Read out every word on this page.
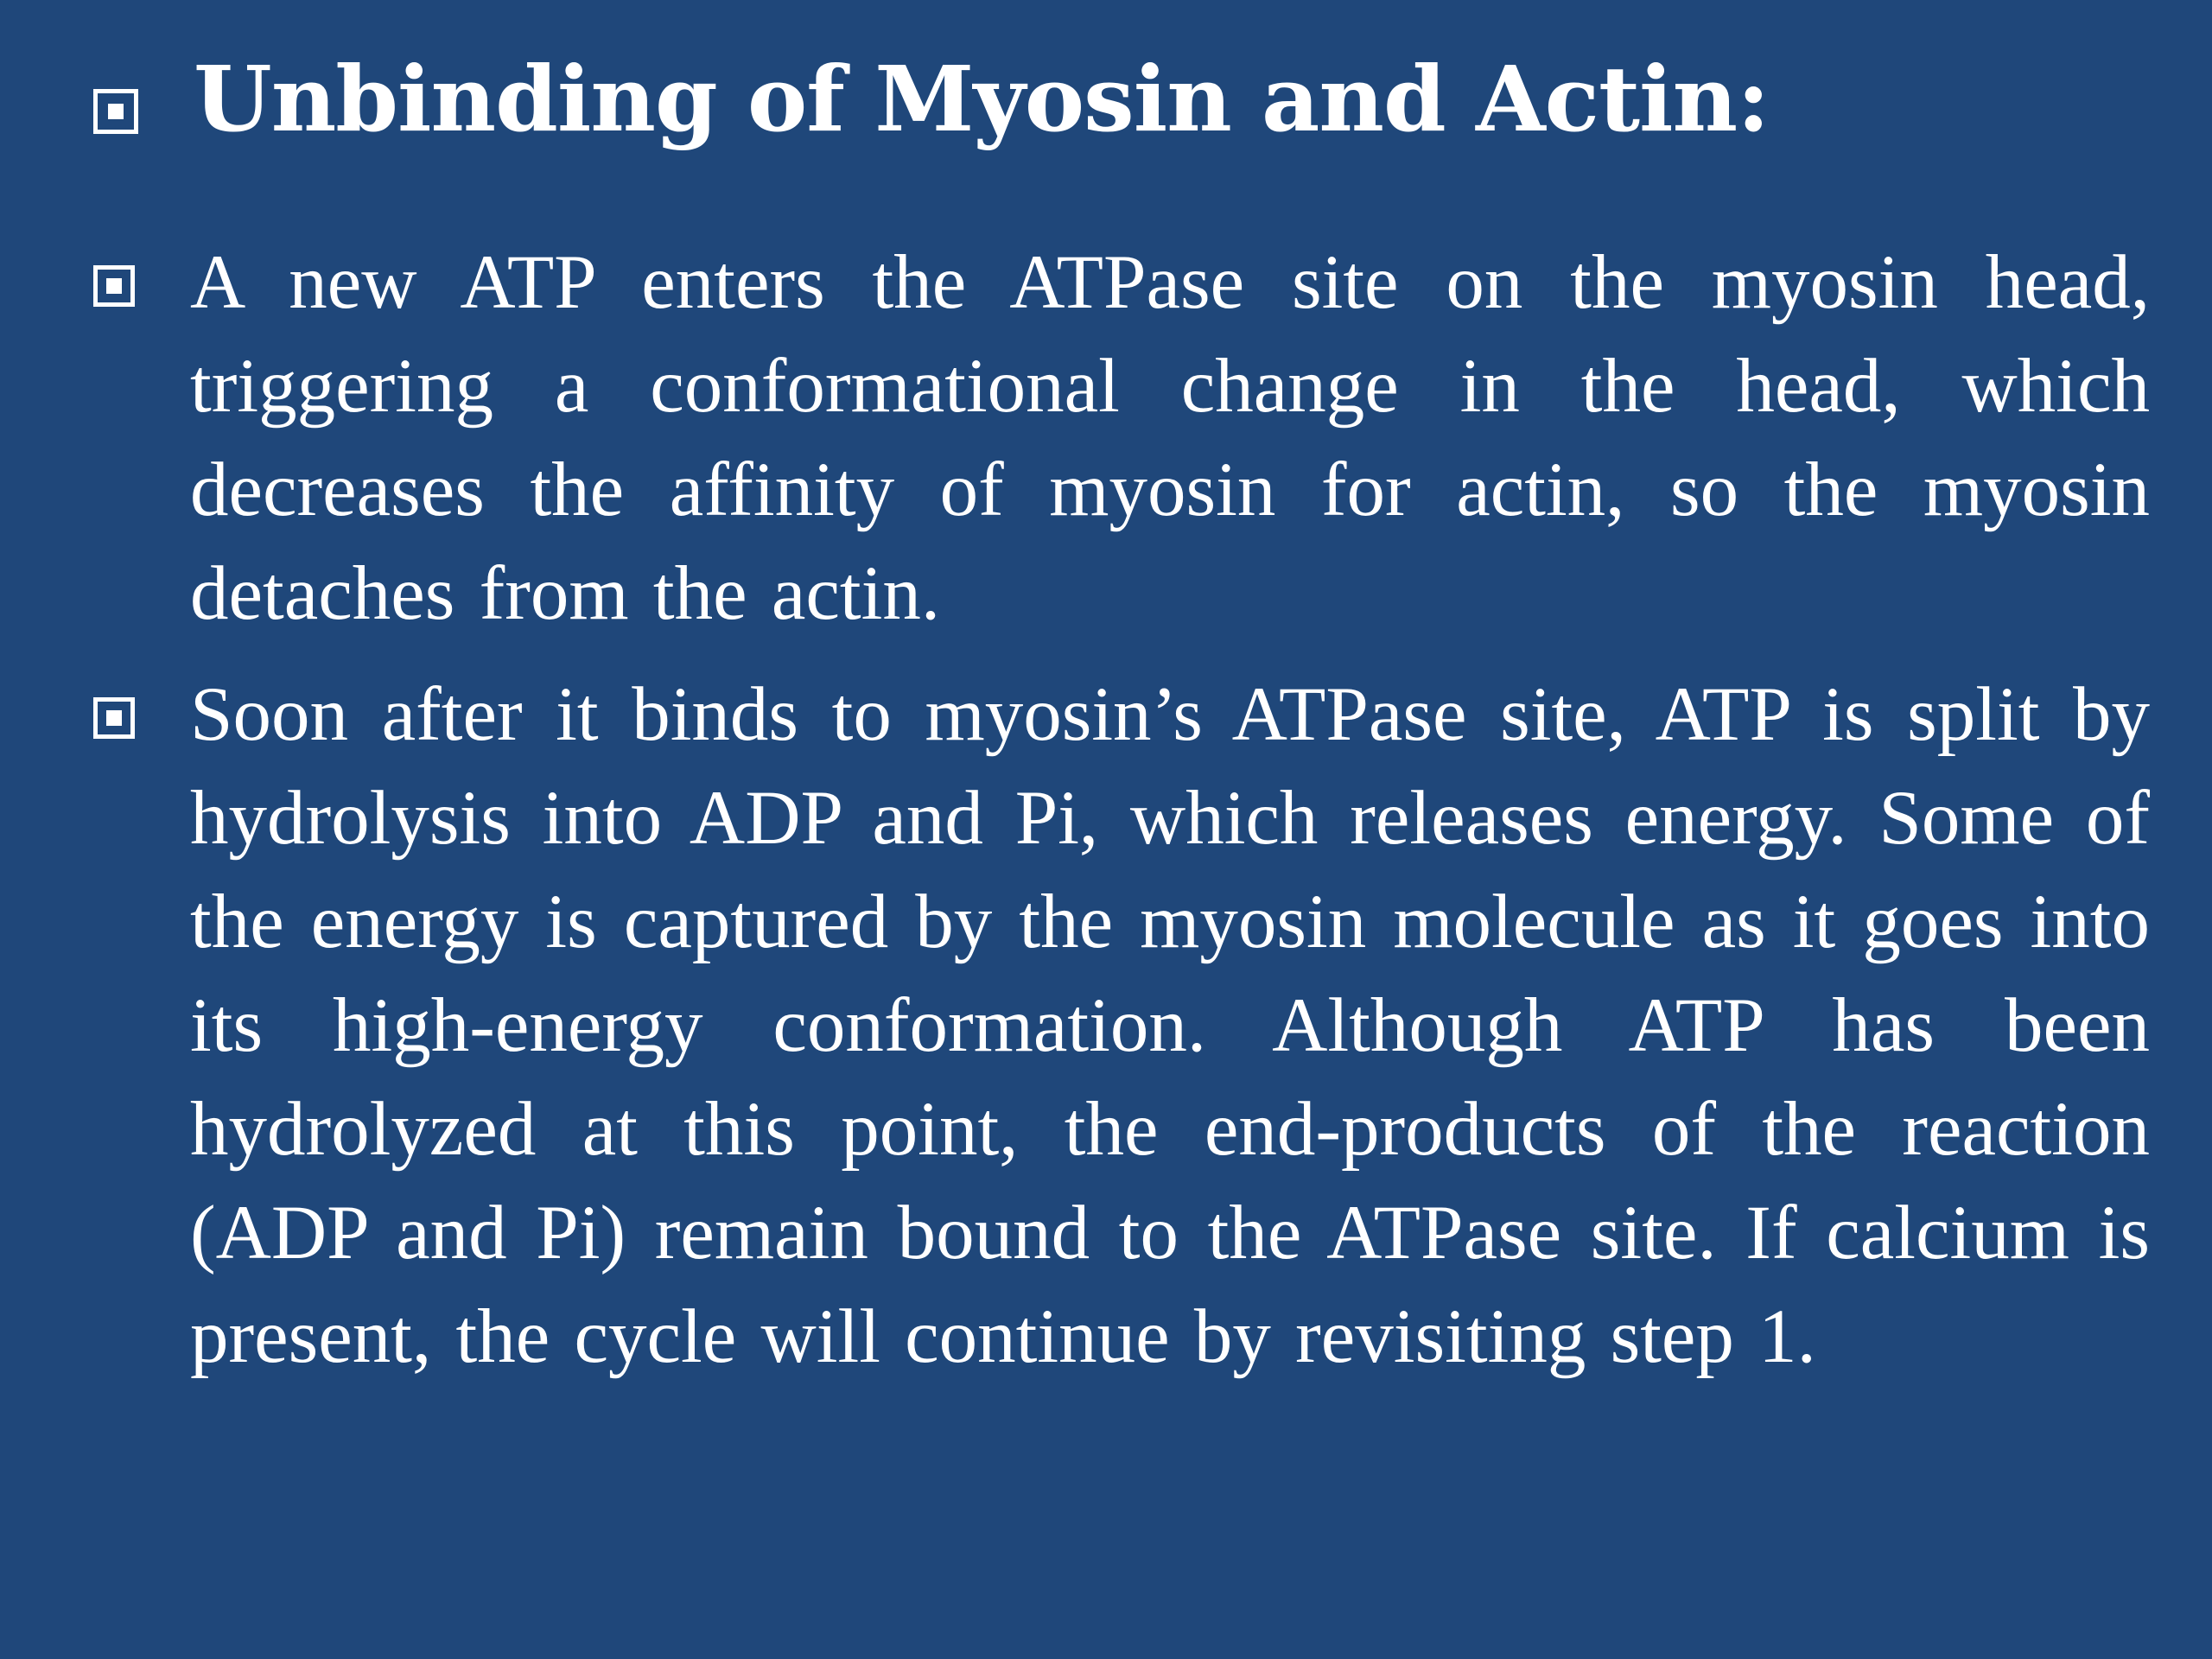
Unbinding of Myosin and Actin:

A new ATP enters the ATPase site on the myosin head, triggering a conformational change in the head, which decreases the affinity of myosin for actin, so the myosin detaches from the actin.

Soon after it binds to myosin’s ATPase site, ATP is split by hydrolysis into ADP and Pi, which releases energy. Some of the energy is captured by the myosin molecule as it goes into its high-energy conformation. Although ATP has been hydrolyzed at this point, the end-products of the reaction (ADP and Pi) remain bound to the ATPase site. If calcium is present, the cycle will continue by revisiting step 1.
